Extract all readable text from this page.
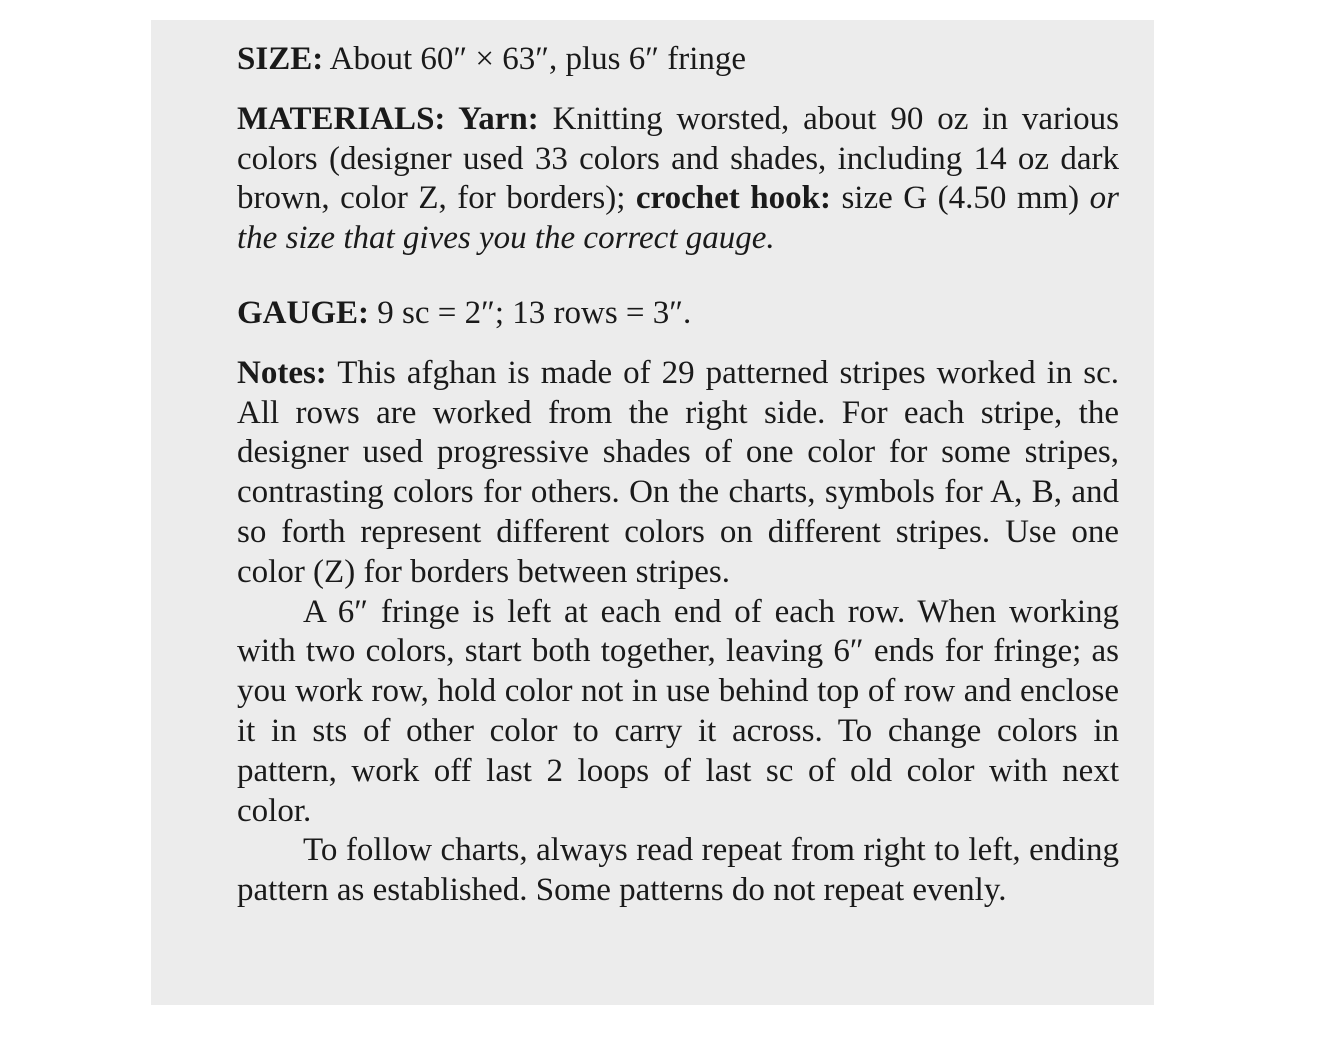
SIZE: About 60″ × 63″, plus 6″ fringe

MATERIALS: Yarn: Knitting worsted, about 90 oz in various colors (designer used 33 colors and shades, including 14 oz dark brown, color Z, for borders); crochet hook: size G (4.50 mm) or the size that gives you the correct gauge.

GAUGE: 9 sc = 2″; 13 rows = 3″.

Notes: This afghan is made of 29 patterned stripes worked in sc. All rows are worked from the right side. For each stripe, the designer used progressive shades of one color for some stripes, contrasting colors for others. On the charts, symbols for A, B, and so forth represent different colors on different stripes. Use one color (Z) for borders between stripes.

A 6″ fringe is left at each end of each row. When working with two colors, start both together, leaving 6″ ends for fringe; as you work row, hold color not in use behind top of row and enclose it in sts of other color to carry it across. To change colors in pattern, work off last 2 loops of last sc of old color with next color.

To follow charts, always read repeat from right to left, ending pattern as established. Some patterns do not repeat evenly.
